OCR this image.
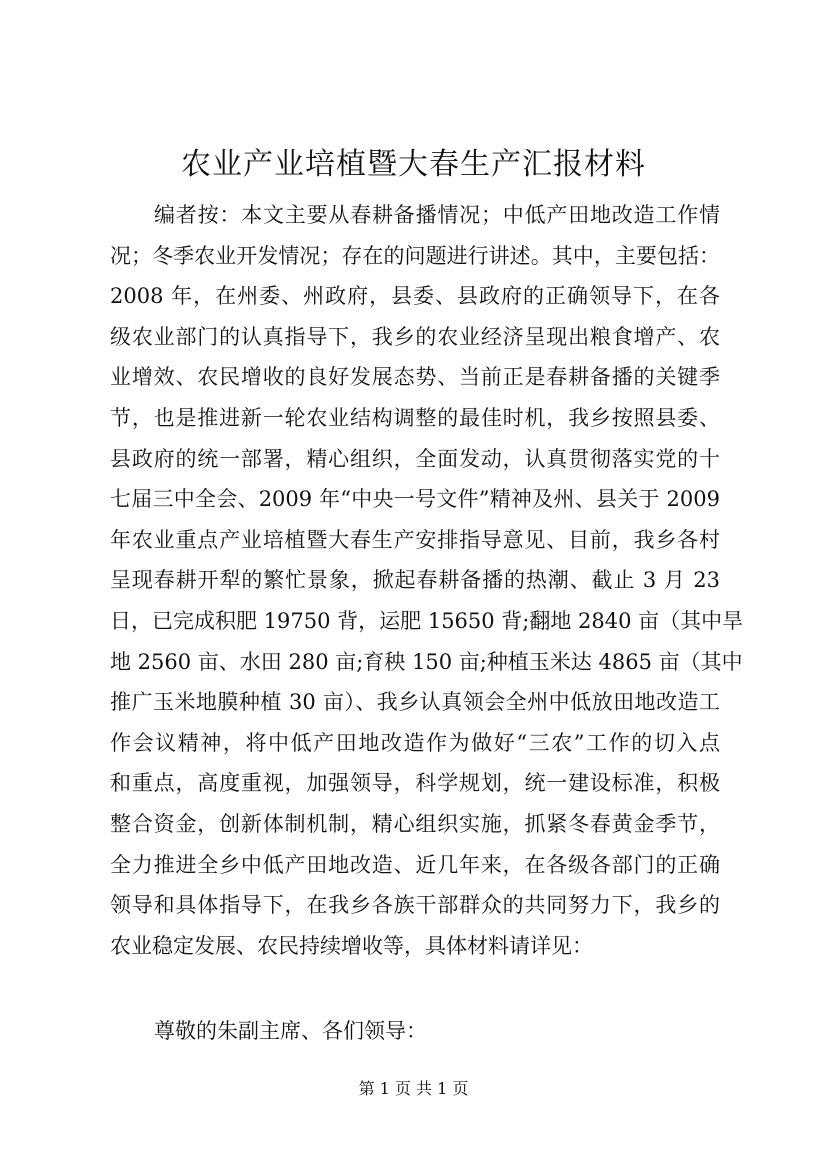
农业产业培植暨大春生产汇报材料
编者按：本文主要从春耕备播情况；中低产田地改造工作情
况；冬季农业开发情况；存在的问题进行讲述。其中，主要包括：
2008 年，在州委、州政府，县委、县政府的正确领导下，在各
级农业部门的认真指导下，我乡的农业经济呈现出粮食增产、农
业增效、农民增收的良好发展态势、当前正是春耕备播的关键季
节，也是推进新一轮农业结构调整的最佳时机，我乡按照县委、
县政府的统一部署，精心组织，全面发动，认真贯彻落实党的十
七届三中全会、2009 年“中央一号文件”精神及州、县关于 2009
年农业重点产业培植暨大春生产安排指导意见、目前，我乡各村
呈现春耕开犁的繁忙景象，掀起春耕备播的热潮、截止 3 月 23
日，已完成积肥 19750 背，运肥 15650 背;翻地 2840 亩（其中旱
地 2560 亩、水田 280 亩;育秧 150 亩;种植玉米达 4865 亩（其中
推广玉米地膜种植 30 亩）、我乡认真领会全州中低放田地改造工
作会议精神，将中低产田地改造作为做好“三农”工作的切入点
和重点，高度重视，加强领导，科学规划，统一建设标准，积极
整合资金，创新体制机制，精心组织实施，抓紧冬春黄金季节，
全力推进全乡中低产田地改造、近几年来，在各级各部门的正确
领导和具体指导下，在我乡各族干部群众的共同努力下，我乡的
农业稳定发展、农民持续增收等，具体材料请详见：

尊敬的朱副主席、各们领导：

第 1 页 共 1 页
